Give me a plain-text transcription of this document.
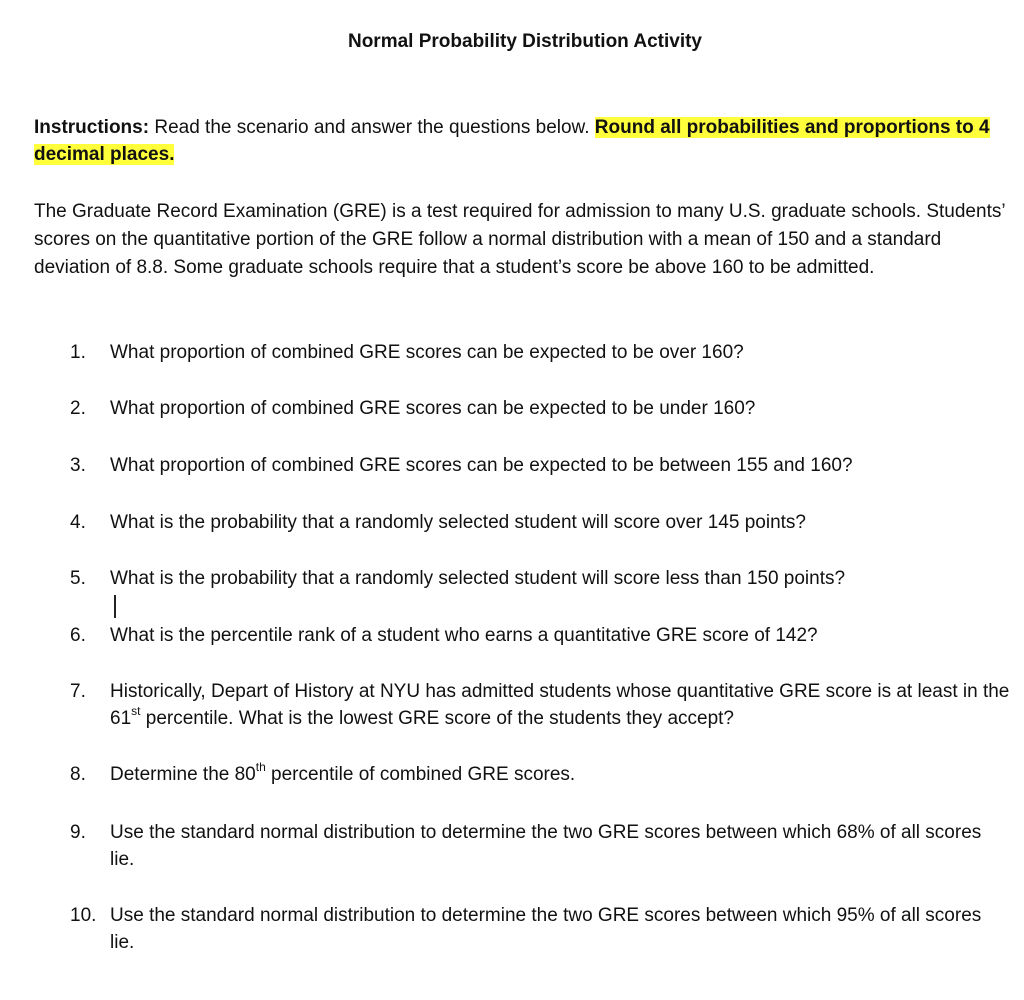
Normal Probability Distribution Activity
Instructions: Read the scenario and answer the questions below. Round all probabilities and proportions to 4 decimal places.
The Graduate Record Examination (GRE) is a test required for admission to many U.S. graduate schools. Students’ scores on the quantitative portion of the GRE follow a normal distribution with a mean of 150 and a standard deviation of 8.8. Some graduate schools require that a student’s score be above 160 to be admitted.
1.	What proportion of combined GRE scores can be expected to be over 160?
2.	What proportion of combined GRE scores can be expected to be under 160?
3.	What proportion of combined GRE scores can be expected to be between 155 and 160?
4.	What is the probability that a randomly selected student will score over 145 points?
5.	What is the probability that a randomly selected student will score less than 150 points?
6.	What is the percentile rank of a student who earns a quantitative GRE score of 142?
7.	Historically, Depart of History at NYU has admitted students whose quantitative GRE score is at least in the 61st percentile. What is the lowest GRE score of the students they accept?
8.	Determine the 80th percentile of combined GRE scores.
9.	Use the standard normal distribution to determine the two GRE scores between which 68% of all scores lie.
10. Use the standard normal distribution to determine the two GRE scores between which 95% of all scores lie.
